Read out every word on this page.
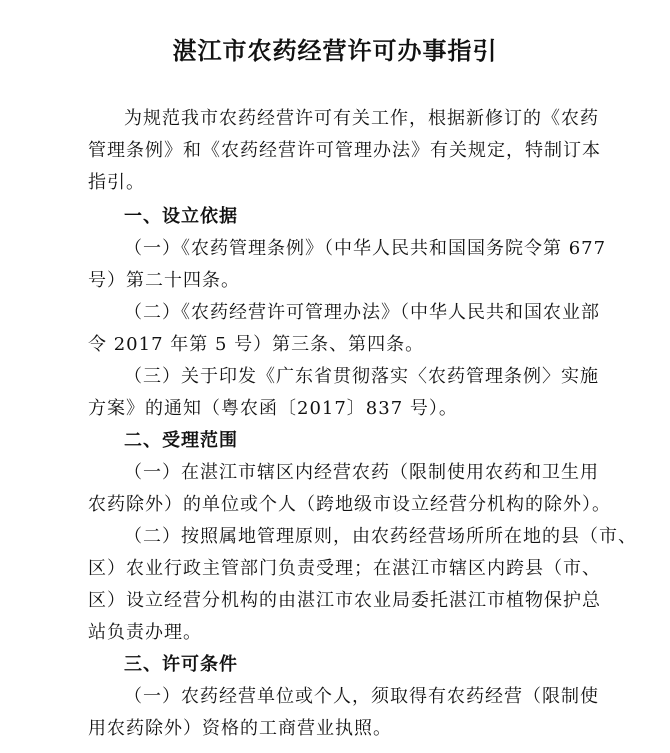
湛江市农药经营许可办事指引
为规范我市农药经营许可有关工作，根据新修订的《农药
管理条例》和《农药经营许可管理办法》有关规定，特制订本
指引。
一、设立依据
（一）《农药管理条例》（中华人民共和国国务院令第 677
号）第二十四条。
（二）《农药经营许可管理办法》（中华人民共和国农业部
令 2017 年第 5 号）第三条、第四条。
（三）关于印发《广东省贯彻落实〈农药管理条例〉实施
方案》的通知（粤农函〔2017〕837 号）。
二、受理范围
（一）在湛江市辖区内经营农药（限制使用农药和卫生用
农药除外）的单位或个人（跨地级市设立经营分机构的除外）。
（二）按照属地管理原则，由农药经营场所所在地的县（市、
区）农业行政主管部门负责受理；在湛江市辖区内跨县（市、
区）设立经营分机构的由湛江市农业局委托湛江市植物保护总
站负责办理。
三、许可条件
（一）农药经营单位或个人，须取得有农药经营（限制使
用农药除外）资格的工商营业执照。
